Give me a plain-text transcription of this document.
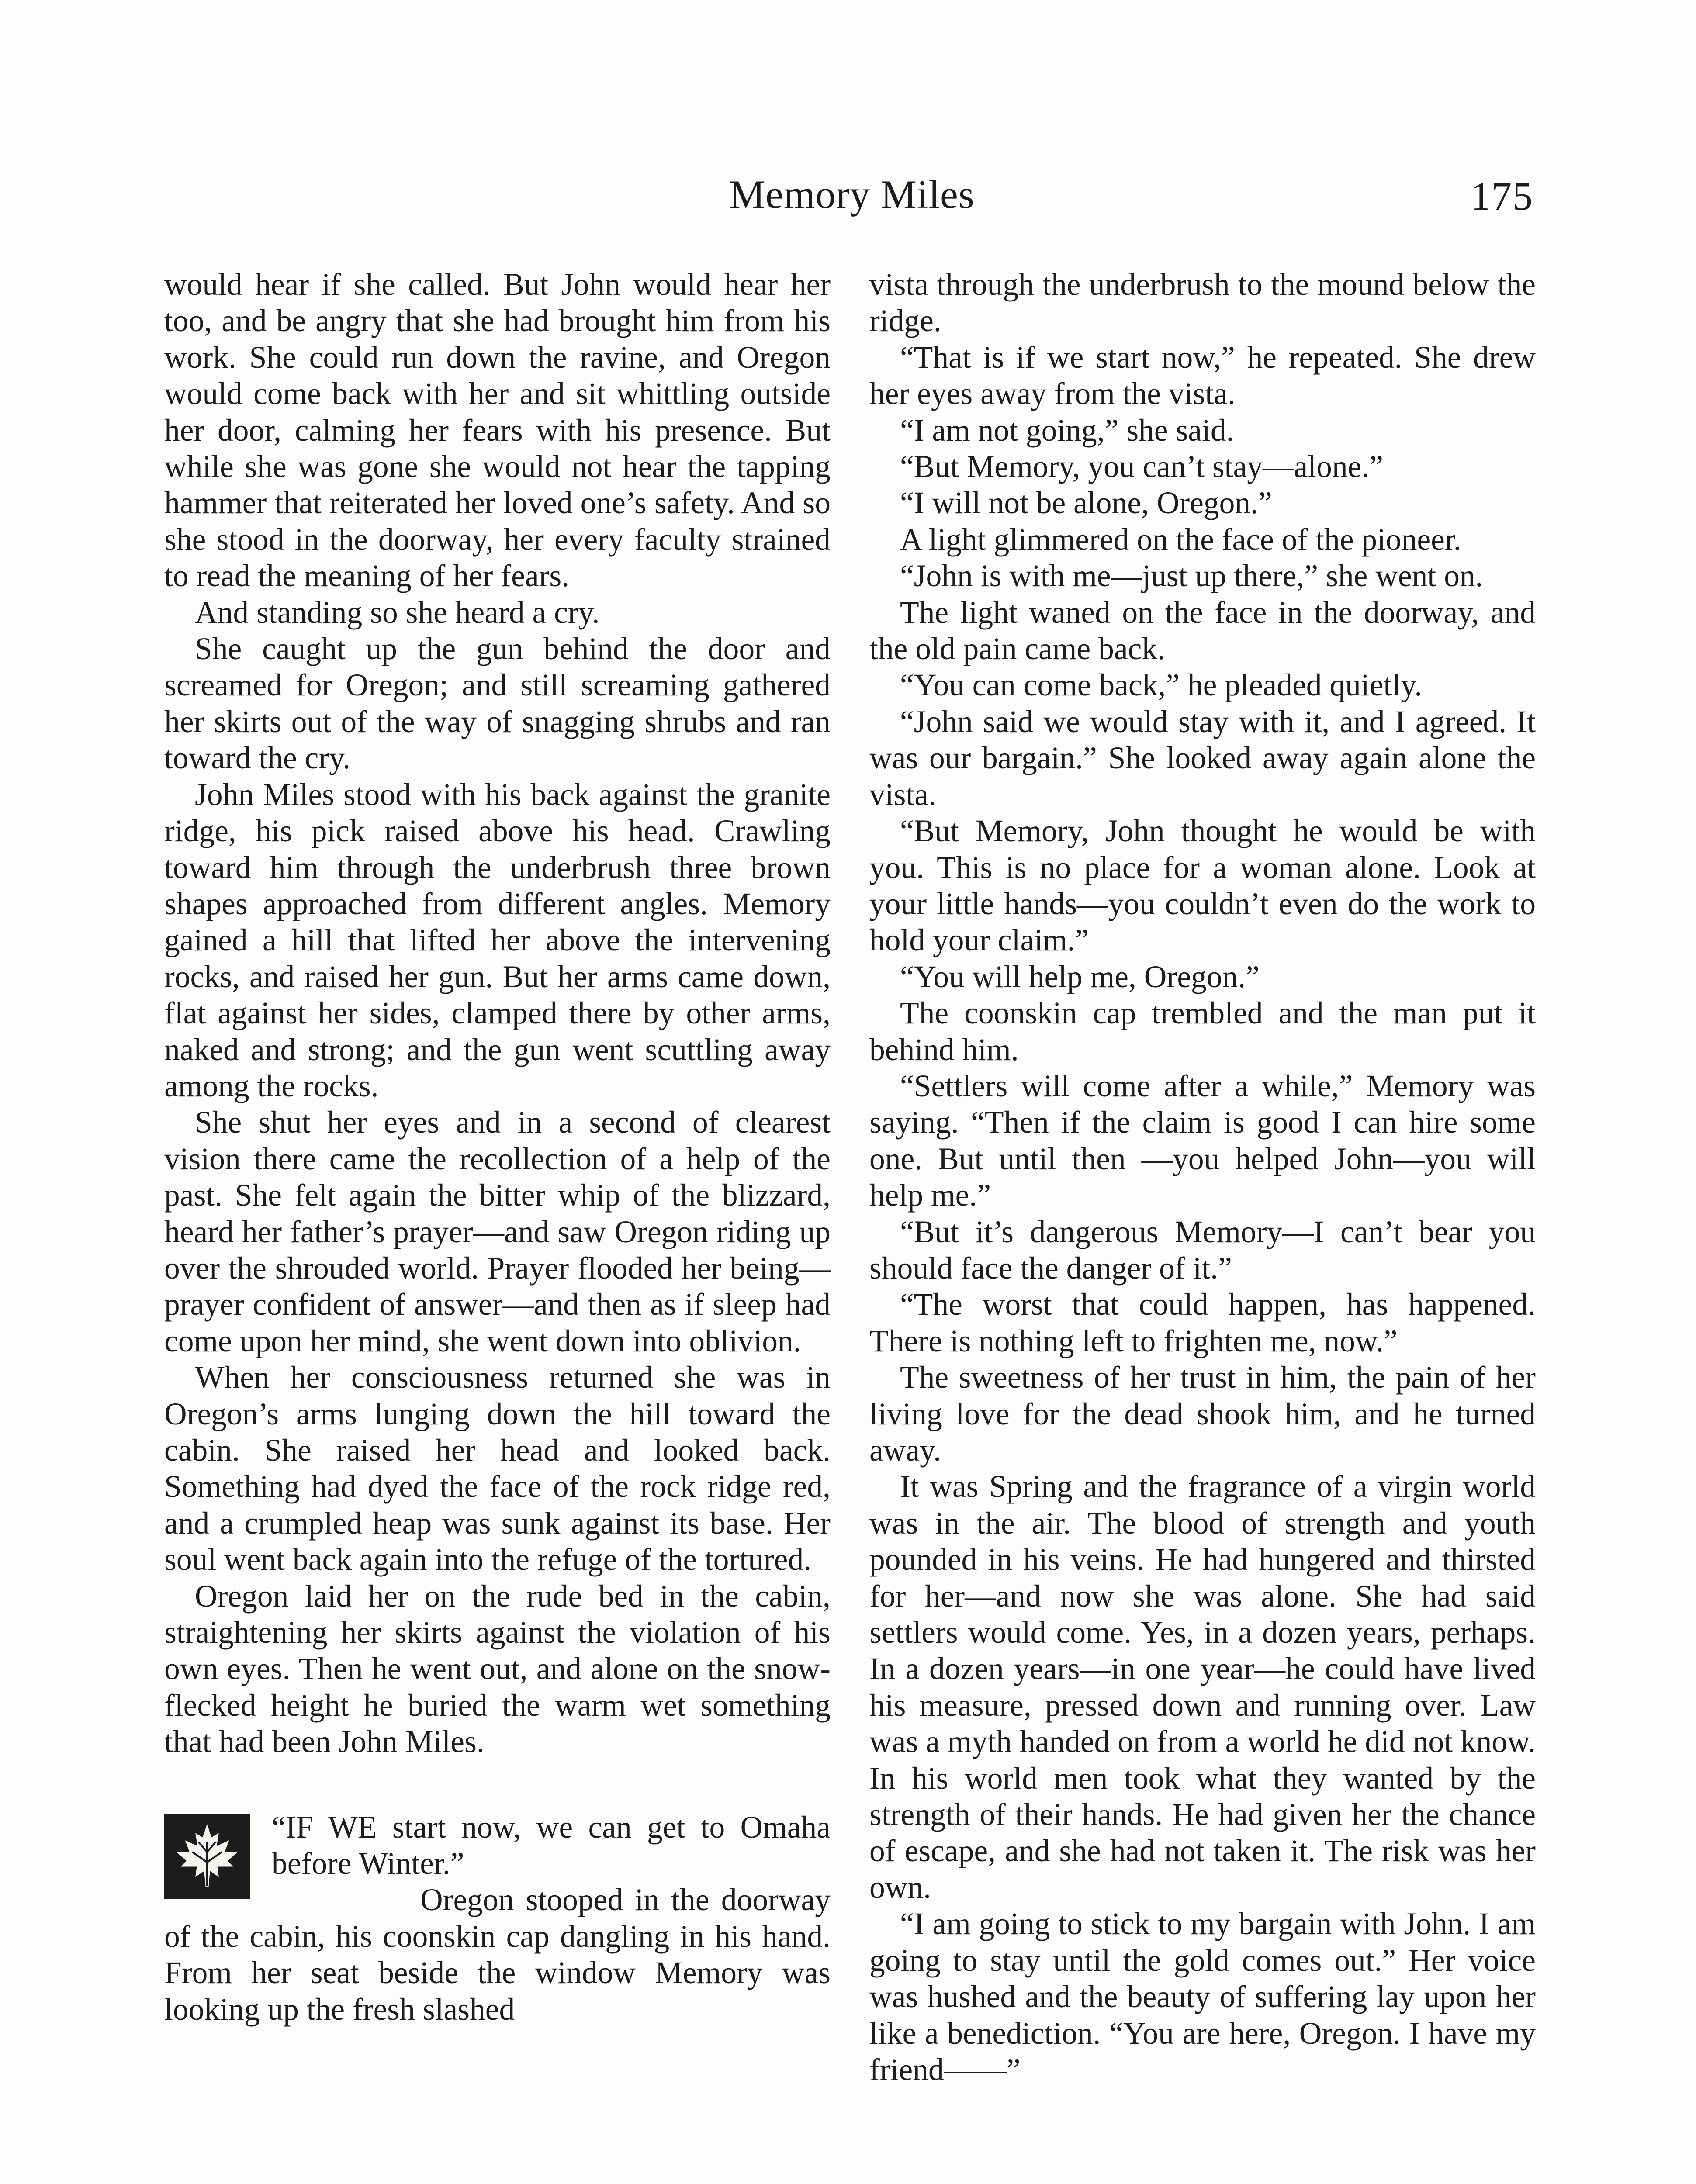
Memory Miles	175

would hear if she called. But John would hear her too, and be angry that she had brought him from his work. She could run down the ravine, and Oregon would come back with her and sit whittling outside her door, calming her fears with his presence. But while she was gone she would not hear the tapping hammer that reiterated her loved one’s safety. And so she stood in the doorway, her every faculty strained to read the meaning of her fears.

And standing so she heard a cry.

She caught up the gun behind the door and screamed for Oregon; and still screaming gathered her skirts out of the way of snagging shrubs and ran toward the cry.

John Miles stood with his back against the granite ridge, his pick raised above his head. Crawling toward him through the underbrush three brown shapes approached from different angles. Memory gained a hill that lifted her above the intervening rocks, and raised her gun. But her arms came down, flat against her sides, clamped there by other arms, naked and strong; and the gun went scuttling away among the rocks.

She shut her eyes and in a second of clearest vision there came the recollection of a help of the past. She felt again the bitter whip of the blizzard, heard her father’s prayer—and saw Oregon riding up over the shrouded world. Prayer flooded her being—prayer confident of answer—and then as if sleep had come upon her mind, she went down into oblivion.

When her consciousness returned she was in Oregon’s arms lunging down the hill toward the cabin. She raised her head and looked back. Something had dyed the face of the rock ridge red, and a crumpled heap was sunk against its base. Her soul went back again into the refuge of the tortured.

Oregon laid her on the rude bed in the cabin, straightening her skirts against the violation of his own eyes. Then he went out, and alone on the snow-flecked height he buried the warm wet something that had been John Miles.

“IF WE start now, we can get to Omaha before Winter.”

Oregon stooped in the doorway of the cabin, his coonskin cap dangling in his hand. From her seat beside the window Memory was looking up the fresh slashed

vista through the underbrush to the mound below the ridge.

“That is if we start now,” he repeated. She drew her eyes away from the vista.

“I am not going,” she said.

“But Memory, you can’t stay—alone.”

“I will not be alone, Oregon.”

A light glimmered on the face of the pioneer.

“John is with me—just up there,” she went on.

The light waned on the face in the doorway, and the old pain came back.

“You can come back,” he pleaded quietly.

“John said we would stay with it, and I agreed. It was our bargain.” She looked away again alone the vista.

“But Memory, John thought he would be with you. This is no place for a woman alone. Look at your little hands—you couldn’t even do the work to hold your claim.”

“You will help me, Oregon.”

The coonskin cap trembled and the man put it behind him.

“Settlers will come after a while,” Memory was saying. “Then if the claim is good I can hire some one. But until then —you helped John—you will help me.”

“But it’s dangerous Memory—I can’t bear you should face the danger of it.”

“The worst that could happen, has happened. There is nothing left to frighten me, now.”

The sweetness of her trust in him, the pain of her living love for the dead shook him, and he turned away.

It was Spring and the fragrance of a virgin world was in the air. The blood of strength and youth pounded in his veins. He had hungered and thirsted for her—and now she was alone. She had said settlers would come. Yes, in a dozen years, perhaps. In a dozen years—in one year—he could have lived his measure, pressed down and running over. Law was a myth handed on from a world he did not know. In his world men took what they wanted by the strength of their hands. He had given her the chance of escape, and she had not taken it. The risk was her own.

“I am going to stick to my bargain with John. I am going to stay until the gold comes out.” Her voice was hushed and the beauty of suffering lay upon her like a benediction. “You are here, Oregon. I have my friend——”
